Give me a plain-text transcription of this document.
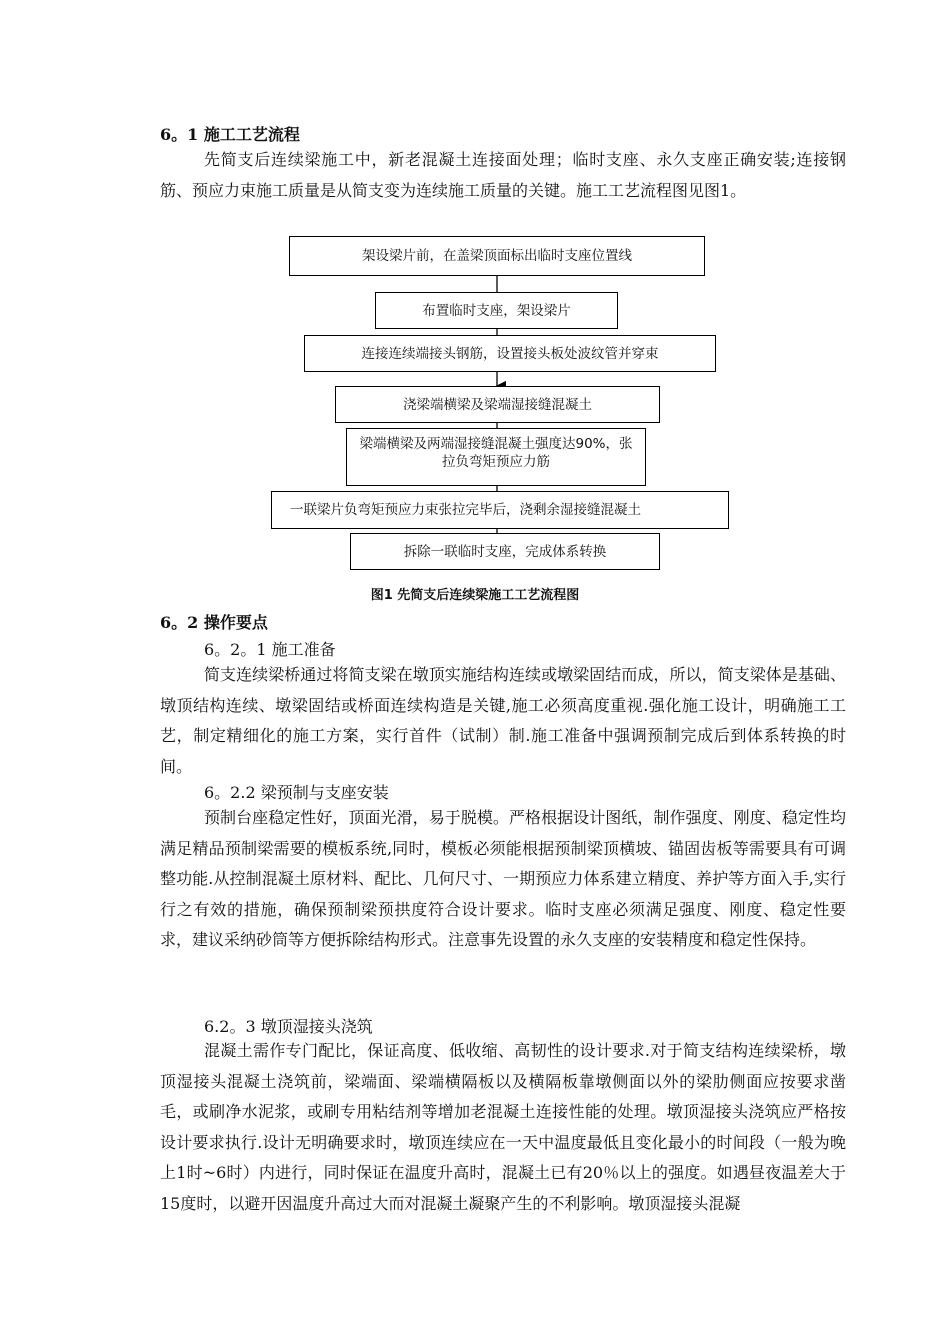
6。1 施工工艺流程

先简支后连续梁施工中，新老混凝土连接面处理；临时支座、永久支座正确安装;连接钢筋、预应力束施工质量是从简支变为连续施工质量的关键。施工工艺流程图见图1。

架设梁片前，在盖梁顶面标出临时支座位置线
布置临时支座，架设梁片
连接连续端接头钢筋，设置接头板处波纹管并穿束
浇梁端横梁及梁端湿接缝混凝土
梁端横梁及两端湿接缝混凝土强度达90%，张拉负弯矩预应力筋
一联梁片负弯矩预应力束张拉完毕后，浇剩余湿接缝混凝土
拆除一联临时支座，完成体系转换
图1 先简支后连续梁施工工艺流程图
6。2 操作要点
6。2。1 施工准备

简支连续梁桥通过将简支梁在墩顶实施结构连续或墩梁固结而成，所以，简支梁体是基础、墩顶结构连续、墩梁固结或桥面连续构造是关键,施工必须高度重视.强化施工设计，明确施工工艺，制定精细化的施工方案，实行首件（试制）制.施工准备中强调预制完成后到体系转换的时间。

6。2.2 梁预制与支座安装

预制台座稳定性好，顶面光滑，易于脱模。严格根据设计图纸，制作强度、刚度、稳定性均满足精品预制梁需要的模板系统,同时，模板必须能根据预制梁顶横坡、锚固齿板等需要具有可调整功能.从控制混凝土原材料、配比、几何尺寸、一期预应力体系建立精度、养护等方面入手,实行行之有效的措施，确保预制梁预拱度符合设计要求。临时支座必须满足强度、刚度、稳定性要求，建议采纳砂筒等方便拆除结构形式。注意事先设置的永久支座的安装精度和稳定性保持。

6.2。3 墩顶湿接头浇筑

混凝土需作专门配比，保证高度、低收缩、高韧性的设计要求.对于简支结构连续梁桥，墩顶湿接头混凝土浇筑前，梁端面、梁端横隔板以及横隔板靠墩侧面以外的梁肋侧面应按要求凿毛，或刷净水泥浆，或刷专用粘结剂等增加老混凝土连接性能的处理。墩顶湿接头浇筑应严格按设计要求执行.设计无明确要求时，墩顶连续应在一天中温度最低且变化最小的时间段（一般为晚上1时~6时）内进行，同时保证在温度升高时，混凝土已有20％以上的强度。如遇昼夜温差大于15度时，以避开因温度升高过大而对混凝土凝聚产生的不利影响。墩顶湿接头混凝
